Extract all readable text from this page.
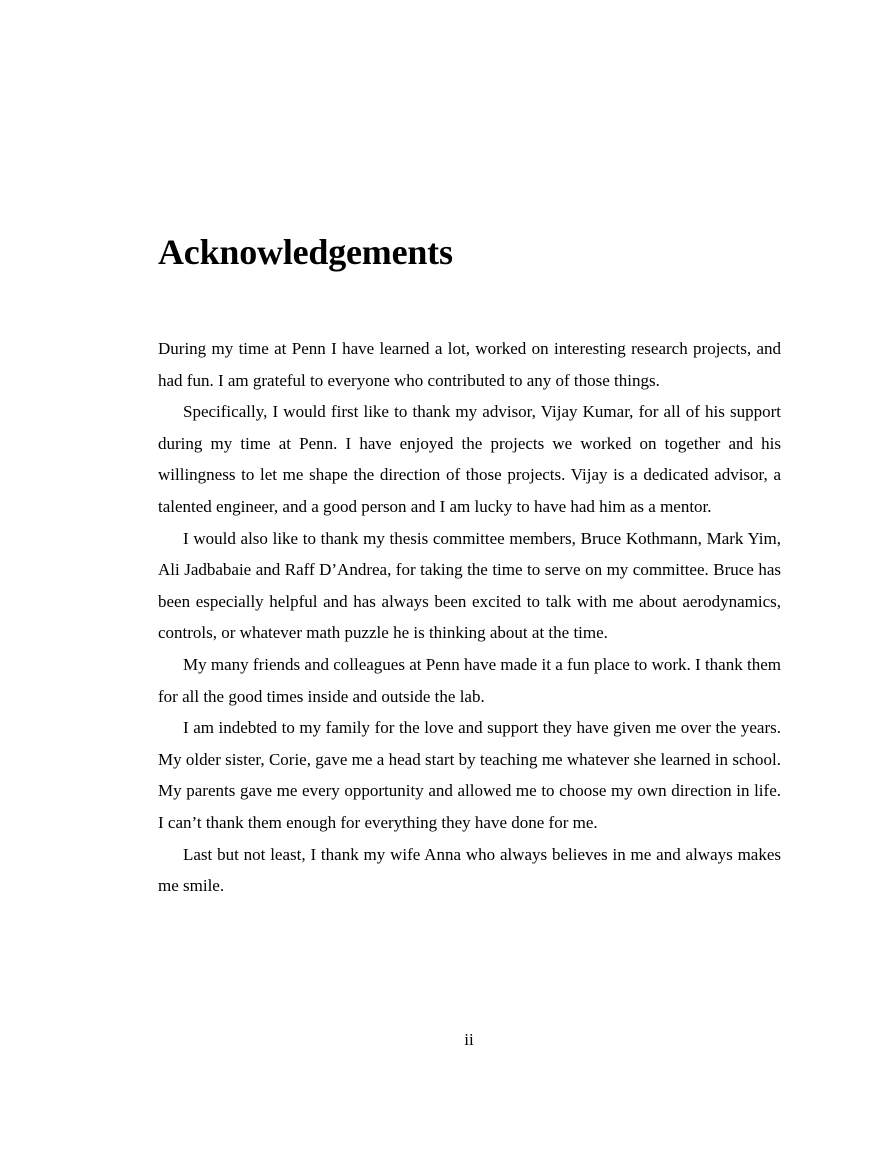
Acknowledgements

During my time at Penn I have learned a lot, worked on interesting research projects, and had fun. I am grateful to everyone who contributed to any of those things.

Specifically, I would first like to thank my advisor, Vijay Kumar, for all of his support during my time at Penn. I have enjoyed the projects we worked on together and his willingness to let me shape the direction of those projects. Vijay is a dedicated advisor, a talented engineer, and a good person and I am lucky to have had him as a mentor.

I would also like to thank my thesis committee members, Bruce Kothmann, Mark Yim, Ali Jadbabaie and Raff D’Andrea, for taking the time to serve on my committee. Bruce has been especially helpful and has always been excited to talk with me about aerodynamics, controls, or whatever math puzzle he is thinking about at the time.

My many friends and colleagues at Penn have made it a fun place to work. I thank them for all the good times inside and outside the lab.

I am indebted to my family for the love and support they have given me over the years. My older sister, Corie, gave me a head start by teaching me whatever she learned in school. My parents gave me every opportunity and allowed me to choose my own direction in life. I can’t thank them enough for everything they have done for me.

Last but not least, I thank my wife Anna who always believes in me and always makes me smile.

ii
